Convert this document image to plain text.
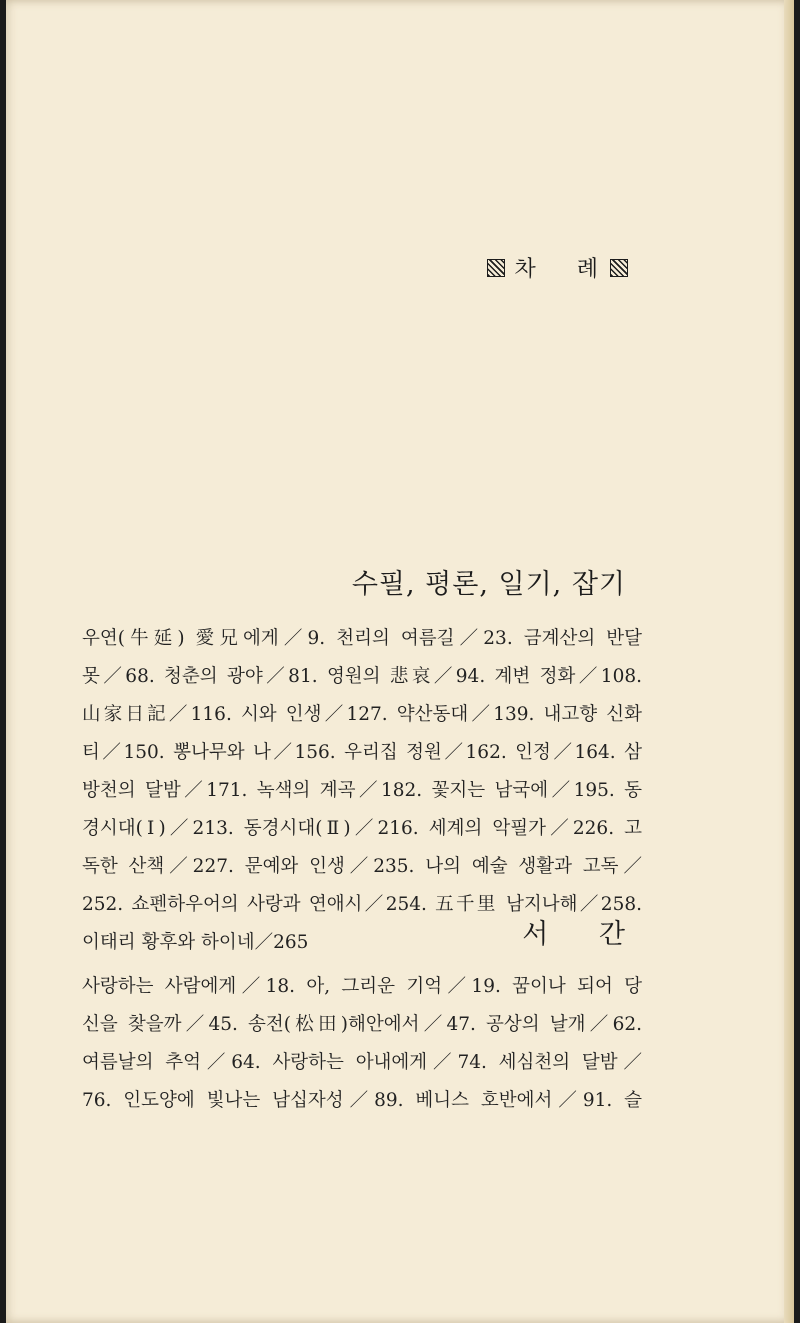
차 례
수필, 평론, 일기, 잡기
우연(牛延) 愛兄에게／9. 천리의 여름길／23. 금계산의 반달
못／68. 청춘의 광야／81. 영원의 悲哀／94. 계변 정화／108.
山家日記／116. 시와 인생／127. 약산동대／139. 내고향 신화
티／150. 뽕나무와 나／156. 우리집 정원／162. 인정／164. 삼
방천의 달밤／171. 녹색의 계곡／182. 꽃지는 남국에／195. 동
경시대(Ⅰ)／213. 동경시대(Ⅱ)／216. 세계의 악필가／226. 고
독한 산책／227. 문예와 인생／235. 나의 예술 생활과 고독／
252. 쇼펜하우어의 사랑과 연애시／254. 五千里 남지나해／258.
이태리 황후와 하이네／265	서 간
사랑하는 사람에게／18. 아, 그리운 기억／19. 꿈이나 되어 당
신을 찾을까／45. 송전(松田)해안에서／47. 공상의 날개／62.
여름날의 추억／64. 사랑하는 아내에게／74. 세심천의 달밤／
76. 인도양에 빛나는 남십자성／89. 베니스 호반에서／91. 슬
